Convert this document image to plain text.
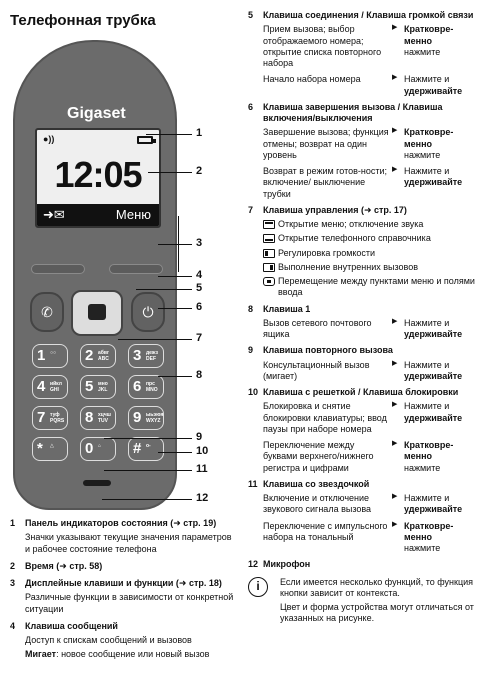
Телефонная трубка
Gigaset
●))
12:05
➜✉	Меню
✆	⏻
1 ○○ 2 aбвг
ABC 3 дежз
DEF
4 ийкл
GHI 5 мно
JKL 6 прс
MNO
7 туф
PQRS 8 хцчш
TUV 9 ыьэюя
WXYZ
* △ 0 ⌂ # o-
1
2
3
4
5
6
7
8
9
10
11
12
1 Панель индикаторов состояния (➜ стр. 19)
Значки указывают текущие значения параметров и рабочее состояние телефона
2 Время (➜ стр. 58)
3 Дисплейные клавиши и функции (➜ стр. 18)
Различные функции в зависимости от конкретной ситуации
4 Клавиша сообщений
Доступ к спискам сообщений и вызовов
Мигает: новое сообщение или новый вызов
5 Клавиша соединения / Клавиша громкой связи
Прием вызова; выбор отображаемого номера; открытие списка повторного набора
▶ Кратковре-менно
нажмите
Начало набора номера
▶	Нажмите и
удерживайте
6 Клавиша завершения вызова / Клавиша включения/выключения
Завершение вызова; функция отмены; возврат на один уровень
▶ Кратковре-менно
нажмите
Возврат в режим готов-ности; включение/ выключение трубки
▶ Нажмите и
удерживайте
7 Клавиша управления (➜ стр. 17)
Открытие меню; отключение звука
Открытие телефонного справочника
Регулировка громкости
Выполнение внутренних вызовов
Перемещение между пунктами меню и полями ввода
8 Клавиша 1
Вызов сетевого почтового ящика
▶ Нажмите и
удерживайте
9 Клавиша повторного вызова
Консультационный вызов (мигает)
▶ Нажмите и
удерживайте
10 Клавиша с решеткой / Клавиша блокировки
Блокировка и снятие блокировки клавиатуры; ввод паузы при наборе номера
▶ Нажмите и
удерживайте
Переключение между буквами верхнего/нижнего регистра и цифрами
▶ Кратковре-менно
нажмите
11 Клавиша со звездочкой
Включение и отключение звукового сигнала вызова
▶ Нажмите и
удерживайте
Переключение с импульсного набора на тональный
▶ Кратковре-менно
нажмите
12 Микрофон
i	Если имеется несколько функций, то функция кнопки зависит от контекста.
Цвет и форма устройства могут отличаться от указанных на рисунке.
